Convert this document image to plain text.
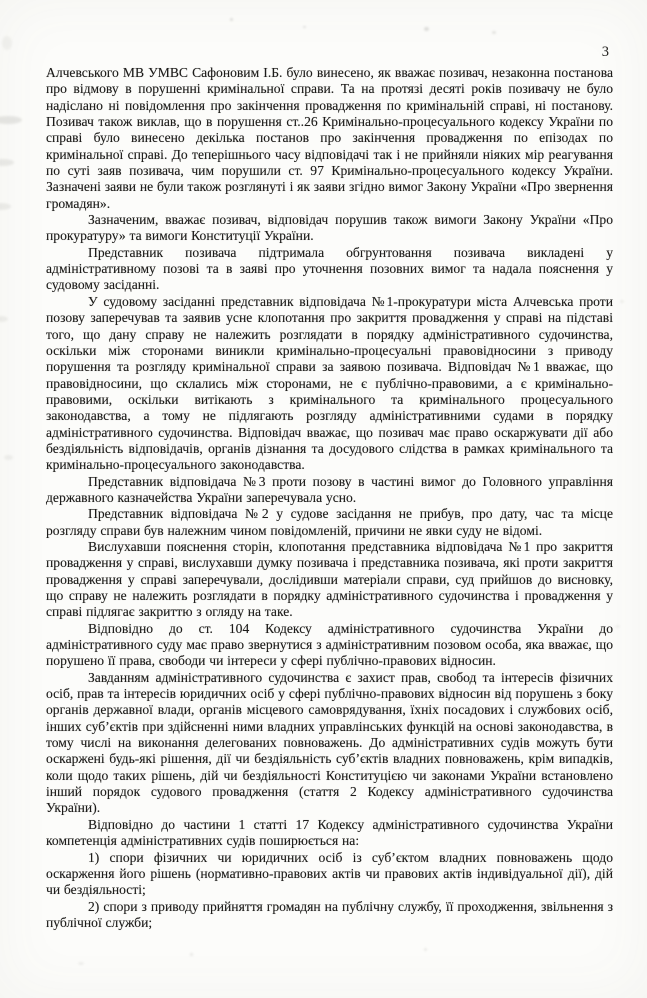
3

Алчевського МВ УМВС Сафоновим І.Б. було винесено, як вважає позивач, незаконна постанова про відмову в порушенні кримінальної справи. Та на протязі десяті років позивачу не було надіслано ні повідомлення про закінчення провадження по кримінальній справі, ні постанову. Позивач також виклав, що в порушення ст..26 Кримінально-процесуального кодексу України по справі було винесено декілька постанов про закінчення провадження по епізодах по кримінальної справі. До теперішнього часу відповідачі так і не прийняли ніяких мір реагування по суті заяв позивача, чим порушили ст. 97 Кримінально-процесуального кодексу України. Зазначені заяви не були також розглянуті і як заяви згідно вимог Закону України «Про звернення громадян».

Зазначеним, вважає позивач, відповідач порушив також вимоги Закону України «Про прокуратуру» та вимоги Конституції України.

Представник позивача підтримала обгрунтовання позивача викладені у адміністративному позові та в заяві про уточнення позовних вимог та надала пояснення у судовому засіданні.

У судовому засіданні представник відповідача №1-прокуратури міста Алчевська проти позову заперечував та заявив усне клопотання про закриття провадження у справі на підставі того, що дану справу не належить розглядати в порядку адміністративного судочинства, оскільки між сторонами виникли кримінально-процесуальні правовідносини з приводу порушення та розгляду кримінальної справи за заявою позивача. Відповідач №1 вважає, що правовідносини, що склались між сторонами, не є публічно-правовими, а є кримінально-правовими, оскільки витікають з кримінального та кримінального процесуального законодавства, а тому не підлягають розгляду адміністративними судами в порядку адміністративного судочинства. Відповідач вважає, що позивач має право оскаржувати дії або бездіяльність відповідачів, органів дізнання та досудового слідства в рамках кримінального та кримінально-процесуального законодавства.

Представник відповідача №3 проти позову в частині вимог до Головного управління державного казначейства України заперечувала усно.

Представник відповідача №2 у судове засідання не прибув, про дату, час та місце розгляду справи був належним чином повідомленій, причини не явки суду не відомі.

Вислухавши пояснення сторін, клопотання представника відповідача №1 про закриття провадження у справі, вислухавши думку позивача і представника позивача, які проти закриття провадження у справі заперечували, дослідивши матеріали справи, суд прийшов до висновку, що справу не належить розглядати в порядку адміністративного судочинства і провадження у справі підлягає закриттю з огляду на таке.

Відповідно до ст. 104 Кодексу адміністративного судочинства України до адміністративного суду має право звернутися з адміністративним позовом особа, яка вважає, що порушено її права, свободи чи інтереси у сфері публічно-правових відносин.

Завданням адміністративного судочинства є захист прав, свобод та інтересів фізичних осіб, прав та інтересів юридичних осіб у сфері публічно-правових відносин від порушень з боку органів державної влади, органів місцевого самоврядування, їхніх посадових і службових осіб, інших суб’єктів при здійсненні ними владних управлінських функцій на основі законодавства, в тому числі на виконання делегованих повноважень. До адміністративних судів можуть бути оскаржені будь-які рішення, дії чи бездіяльність суб’єктів владних повноважень, крім випадків, коли щодо таких рішень, дій чи бездіяльності Конституцією чи законами України встановлено інший порядок судового провадження (стаття 2 Кодексу адміністративного судочинства України).

Відповідно до частини 1 статті 17 Кодексу адміністративного судочинства України компетенція адміністративних судів поширюється на:

1) спори фізичних чи юридичних осіб із суб’єктом владних повноважень щодо оскарження його рішень (нормативно-правових актів чи правових актів індивідуальної дії), дій чи бездіяльності;

2) спори з приводу прийняття громадян на публічну службу, її проходження, звільнення з публічної служби;
